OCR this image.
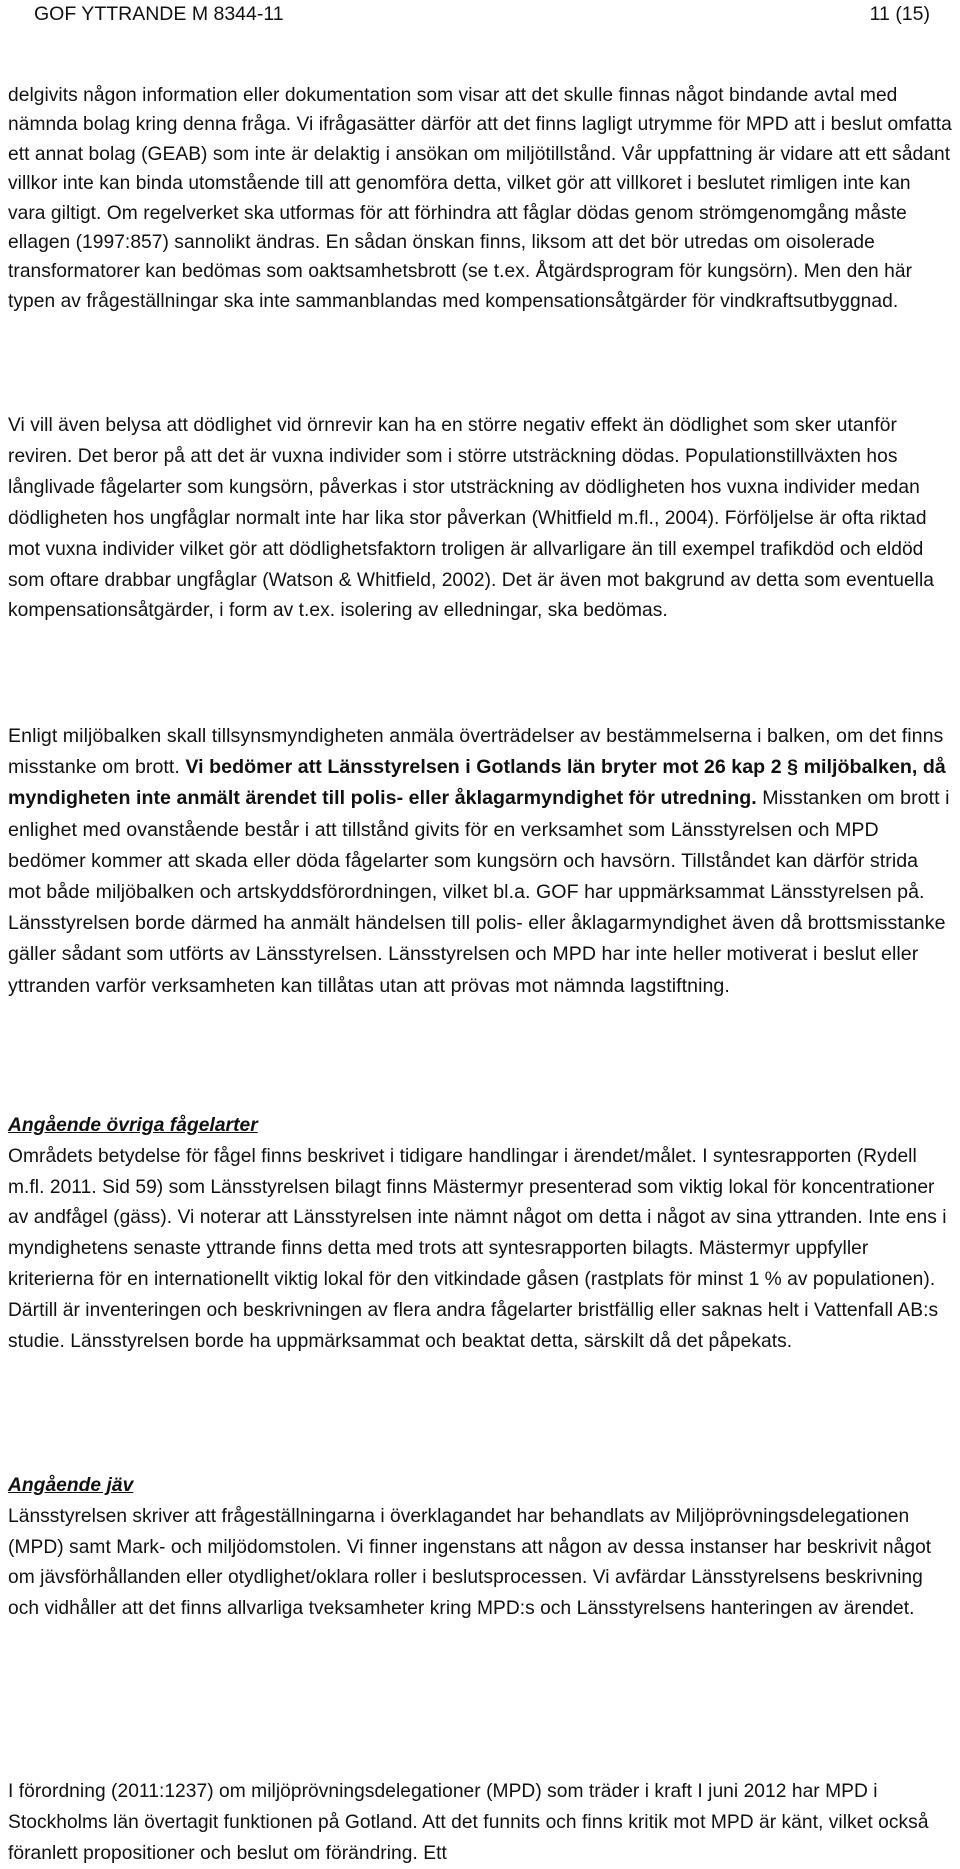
GOF YTTRANDE M 8344-11	11 (15)

delgivits någon information eller dokumentation som visar att det skulle finnas något bindande avtal med nämnda bolag kring denna fråga. Vi ifrågasätter därför att det finns lagligt utrymme för MPD att i beslut omfatta ett annat bolag (GEAB) som inte är delaktig i ansökan om miljötillstånd. Vår uppfattning är vidare att ett sådant villkor inte kan binda utomstående till att genomföra detta, vilket gör att villkoret i beslutet rimligen inte kan vara giltigt. Om regelverket ska utformas för att förhindra att fåglar dödas genom strömgenomgång måste ellagen (1997:857) sannolikt ändras. En sådan önskan finns, liksom att det bör utredas om oisolerade transformatorer kan bedömas som oaktsamhetsbrott (se t.ex. Åtgärdsprogram för kungsörn). Men den här typen av frågeställningar ska inte sammanblandas med kompensationsåtgärder för vindkraftsutbyggnad.

Vi vill även belysa att dödlighet vid örnrevir kan ha en större negativ effekt än dödlighet som sker utanför reviren. Det beror på att det är vuxna individer som i större utsträckning dödas. Populationstillväxten hos långlivade fågelarter som kungsörn, påverkas i stor utsträckning av dödligheten hos vuxna individer medan dödligheten hos ungfåglar normalt inte har lika stor påverkan (Whitfield m.fl., 2004). Förföljelse är ofta riktad mot vuxna individer vilket gör att dödlighetsfaktorn troligen är allvarligare än till exempel trafikdöd och eldöd som oftare drabbar ungfåglar (Watson & Whitfield, 2002). Det är även mot bakgrund av detta som eventuella kompensationsåtgärder, i form av t.ex. isolering av elledningar, ska bedömas.

Enligt miljöbalken skall tillsynsmyndigheten anmäla överträdelser av bestämmelserna i balken, om det finns misstanke om brott. Vi bedömer att Länsstyrelsen i Gotlands län bryter mot 26 kap 2 § miljöbalken, då myndigheten inte anmält ärendet till polis- eller åklagarmyndighet för utredning. Misstanken om brott i enlighet med ovanstående består i att tillstånd givits för en verksamhet som Länsstyrelsen och MPD bedömer kommer att skada eller döda fågelarter som kungsörn och havsörn. Tillståndet kan därför strida mot både miljöbalken och artskyddsförordningen, vilket bl.a. GOF har uppmärksammat Länsstyrelsen på. Länsstyrelsen borde därmed ha anmält händelsen till polis- eller åklagarmyndighet även då brottsmisstanke gäller sådant som utförts av Länsstyrelsen. Länsstyrelsen och MPD har inte heller motiverat i beslut eller yttranden varför verksamheten kan tillåtas utan att prövas mot nämnda lagstiftning.

Angående övriga fågelarter
Områdets betydelse för fågel finns beskrivet i tidigare handlingar i ärendet/målet. I syntesrapporten (Rydell m.fl. 2011. Sid 59) som Länsstyrelsen bilagt finns Mästermyr presenterad som viktig lokal för koncentrationer av andfågel (gäss). Vi noterar att Länsstyrelsen inte nämnt något om detta i något av sina yttranden. Inte ens i myndighetens senaste yttrande finns detta med trots att syntesrapporten bilagts. Mästermyr uppfyller kriterierna för en internationellt viktig lokal för den vitkindade gåsen (rastplats för minst 1 % av populationen). Därtill är inventeringen och beskrivningen av flera andra fågelarter bristfällig eller saknas helt i Vattenfall AB:s studie. Länsstyrelsen borde ha uppmärksammat och beaktat detta, särskilt då det påpekats.

Angående jäv
Länsstyrelsen skriver att frågeställningarna i överklagandet har behandlats av Miljöprövningsdelegationen (MPD) samt Mark- och miljödomstolen. Vi finner ingenstans att någon av dessa instanser har beskrivit något om jävsförhållanden eller otydlighet/oklara roller i beslutsprocessen. Vi avfärdar Länsstyrelsens beskrivning och vidhåller att det finns allvarliga tveksamheter kring MPD:s och Länsstyrelsens hanteringen av ärendet.

I förordning (2011:1237) om miljöprövningsdelegationer (MPD) som träder i kraft I juni 2012 har MPD i Stockholms län övertagit funktionen på Gotland. Att det funnits och finns kritik mot MPD är känt, vilket också föranlett propositioner och beslut om förändring. Ett
